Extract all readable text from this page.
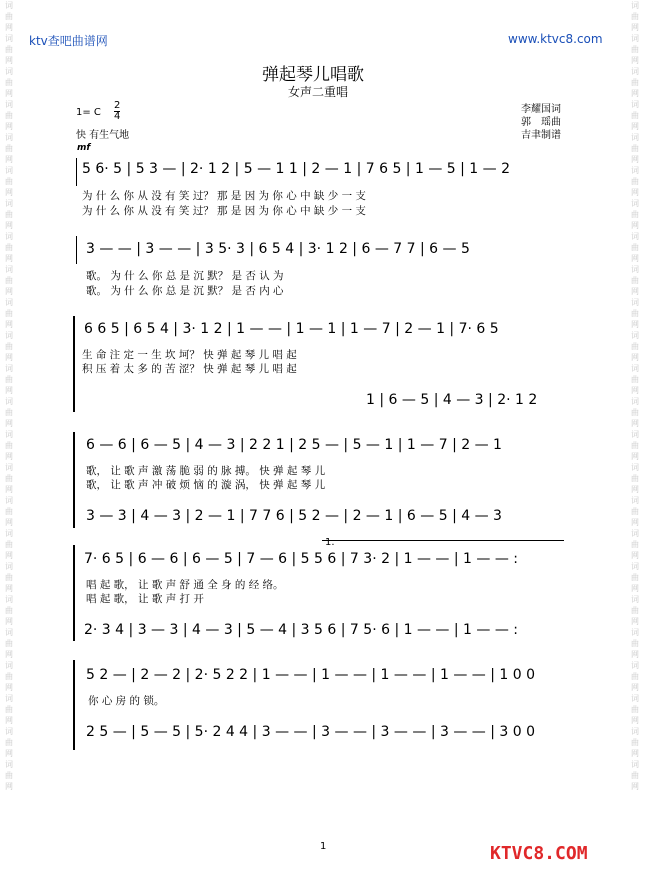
ktv查吧曲谱网	www.ktvc8.com
词 曲 网 词 曲 网 词 曲 网 词 曲 网 词 曲 网 词 曲 网 词 曲 网 词 曲 网 词 曲 网 词 曲 网 词 曲 网 词 曲 网 词 曲 网 词 曲 网 词 曲 网 词 曲 网 词 曲 网 词 曲 网 词 曲 网 词 曲 网 词 曲 网 词 曲 网 词 曲 网 词 曲 网
词 曲 网 词 曲 网 词 曲 网 词 曲 网 词 曲 网 词 曲 网 词 曲 网 词 曲 网 词 曲 网 词 曲 网 词 曲 网 词 曲 网 词 曲 网 词 曲 网 词 曲 网 词 曲 网 词 曲 网 词 曲 网 词 曲 网 词 曲 网 词 曲 网 词 曲 网 词 曲 网 词 曲 网
弹起琴儿唱歌
女声二重唱
1= C
2
4
快 有生气地
李耀国词
郭　瑶曲
吉聿制谱
mf
5 6· 5 | 5 3 — | 2· 1 2 | 5 — 1 1 | 2 — 1 | 7 6 5 | 1 — 5 | 1 — 2
为 什 么 你 从 没 有 笑 过？ 那 是 因 为 你 心 中 缺 少 一 支
为 什 么 你 从 没 有 笑 过？ 那 是 因 为 你 心 中 缺 少 一 支
3 — — | 3 — — | 3 5· 3 | 6 5 4 | 3· 1 2 | 6 — 7 7 | 6 — 5
歌。 为 什 么 你 总 是 沉 默？ 是 否 认 为
歌。 为 什 么 你 总 是 沉 默？ 是 否 内 心
6 6 5 | 6 5 4 | 3· 1 2 | 1 — — | 1 — 1 | 1 — 7 | 2 — 1 | 7· 6 5
生 命 注 定 一 生 坎 坷？ 快 弹 起 琴 儿 唱 起
积 压 着 太 多 的 苦 涩？ 快 弹 起 琴 儿 唱 起
1 | 6 — 5 | 4 — 3 | 2· 1 2
6 — 6 | 6 — 5 | 4 — 3 | 2 2 1 | 2 5 — | 5 — 1 | 1 — 7 | 2 — 1
歌， 让 歌 声 激 荡 脆 弱 的 脉 搏。 快 弹 起 琴 儿
歌， 让 歌 声 冲 破 烦 恼 的 漩 涡， 快 弹 起 琴 儿
3 — 3 | 4 — 3 | 2 — 1 | 7 7 6 | 5 2 — | 2 — 1 | 6 — 5 | 4 — 3
1.
7· 6 5 | 6 — 6 | 6 — 5 | 7 — 6 | 5 5 6 | 7 3· 2 | 1 — — | 1 — — :
唱 起 歌， 让 歌 声 舒 通 全 身 的 经 络。
唱 起 歌， 让 歌 声 打 开
2· 3 4 | 3 — 3 | 4 — 3 | 5 — 4 | 3 5 6 | 7 5· 6 | 1 — — | 1 — — :
5 2 — | 2 — 2 | 2· 5 2 2 | 1 — — | 1 — — | 1 — — | 1 — — | 1 0 0
你 心 房 的 锁。
2 5 — | 5 — 5 | 5· 2 4 4 | 3 — — | 3 — — | 3 — — | 3 — — | 3 0 0
1	KTVC8.COM
